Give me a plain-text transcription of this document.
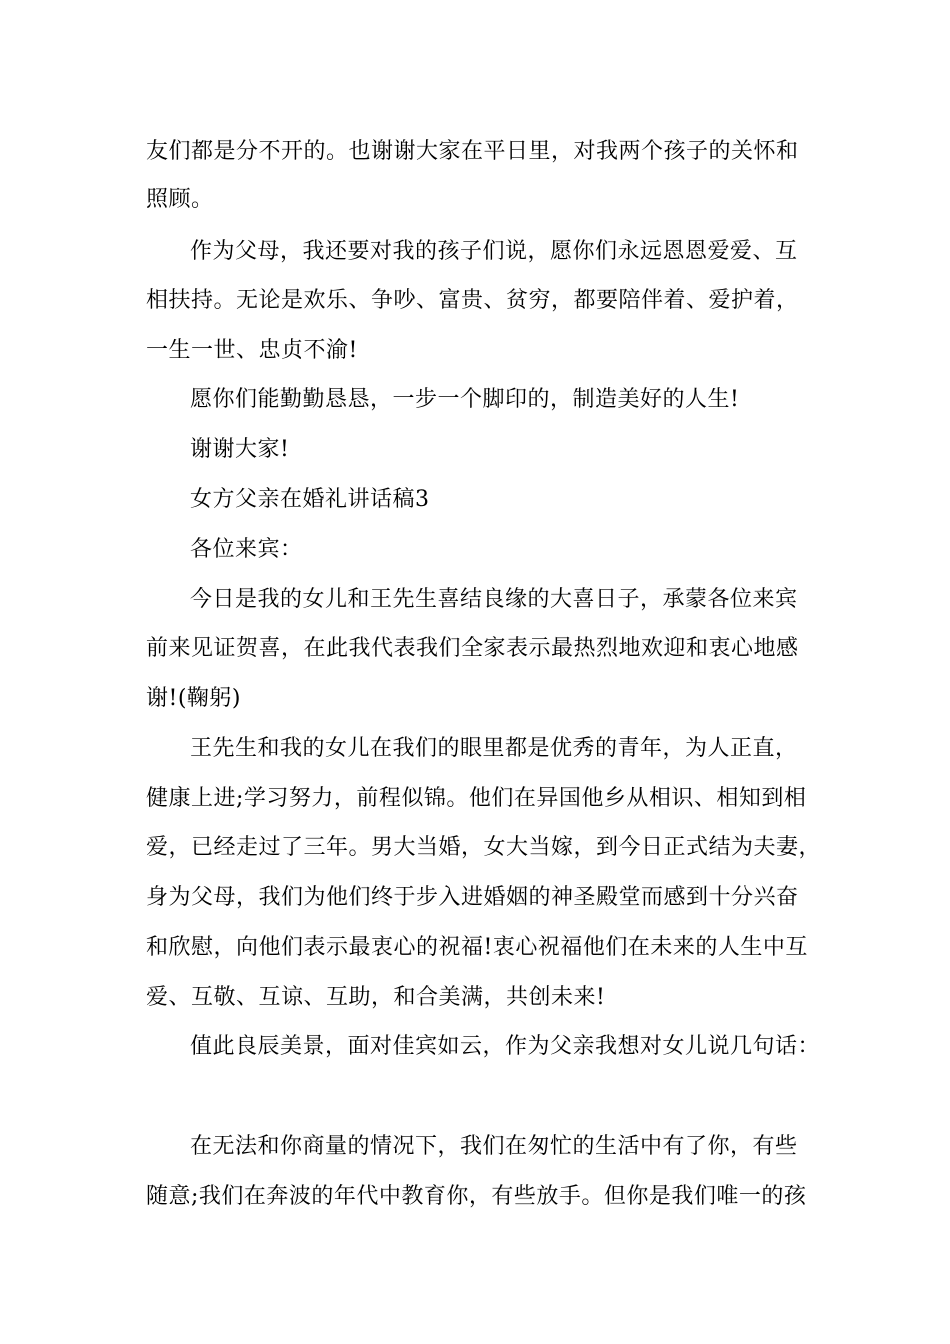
友们都是分不开的。也谢谢大家在平日里，对我两个孩子的关怀和
照顾。
作为父母，我还要对我的孩子们说，愿你们永远恩恩爱爱、互
相扶持。无论是欢乐、争吵、富贵、贫穷，都要陪伴着、爱护着，
一生一世、忠贞不渝!
愿你们能勤勤恳恳，一步一个脚印的，制造美好的人生!
谢谢大家!
女方父亲在婚礼讲话稿3
各位来宾：
今日是我的女儿和王先生喜结良缘的大喜日子，承蒙各位来宾
前来见证贺喜，在此我代表我们全家表示最热烈地欢迎和衷心地感
谢!(鞠躬)
王先生和我的女儿在我们的眼里都是优秀的青年，为人正直，
健康上进;学习努力，前程似锦。他们在异国他乡从相识、相知到相
爱，已经走过了三年。男大当婚，女大当嫁，到今日正式结为夫妻，
身为父母，我们为他们终于步入进婚姻的神圣殿堂而感到十分兴奋
和欣慰，向他们表示最衷心的祝福!衷心祝福他们在未来的人生中互
爱、互敬、互谅、互助，和合美满，共创未来!
值此良辰美景，面对佳宾如云，作为父亲我想对女儿说几句话：
在无法和你商量的情况下，我们在匆忙的生活中有了你，有些
随意;我们在奔波的年代中教育你，有些放手。但你是我们唯一的孩
